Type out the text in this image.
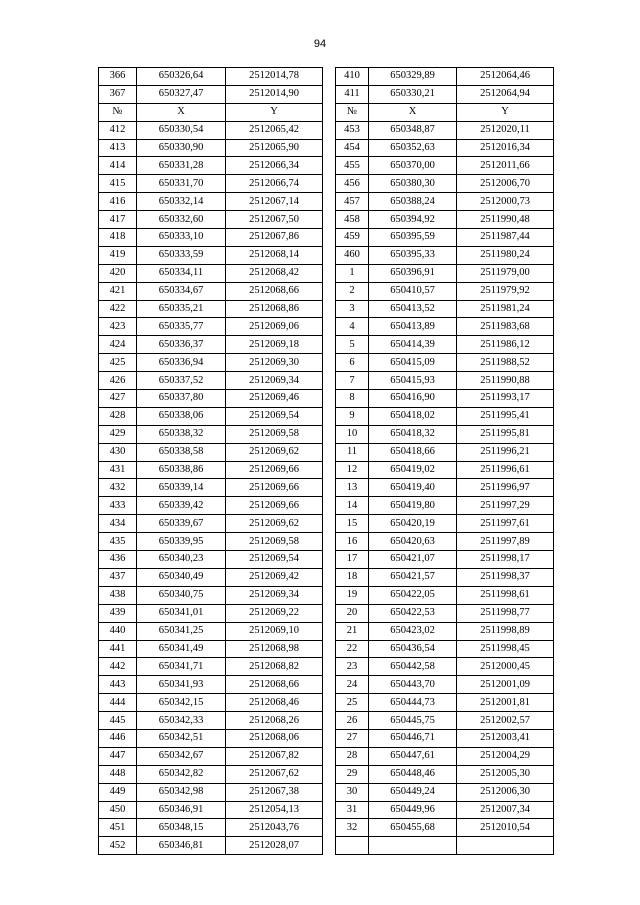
94
366	650326,64	2512014,78		410	650329,89	2512064,46
367	650327,47	2512014,90		411	650330,21	2512064,94
№	X	Y		№	X	Y
412	650330,54	2512065,42		453	650348,87	2512020,11
413	650330,90	2512065,90		454	650352,63	2512016,34
414	650331,28	2512066,34		455	650370,00	2512011,66
415	650331,70	2512066,74		456	650380,30	2512006,70
416	650332,14	2512067,14		457	650388,24	2512000,73
417	650332,60	2512067,50		458	650394,92	2511990,48
418	650333,10	2512067,86		459	650395,59	2511987,44
419	650333,59	2512068,14		460	650395,33	2511980,24
420	650334,11	2512068,42		1	650396,91	2511979,00
421	650334,67	2512068,66		2	650410,57	2511979,92
422	650335,21	2512068,86		3	650413,52	2511981,24
423	650335,77	2512069,06		4	650413,89	2511983,68
424	650336,37	2512069,18		5	650414,39	2511986,12
425	650336,94	2512069,30		6	650415,09	2511988,52
426	650337,52	2512069,34		7	650415,93	2511990,88
427	650337,80	2512069,46		8	650416,90	2511993,17
428	650338,06	2512069,54		9	650418,02	2511995,41
429	650338,32	2512069,58		10	650418,32	2511995,81
430	650338,58	2512069,62		11	650418,66	2511996,21
431	650338,86	2512069,66		12	650419,02	2511996,61
432	650339,14	2512069,66		13	650419,40	2511996,97
433	650339,42	2512069,66		14	650419,80	2511997,29
434	650339,67	2512069,62		15	650420,19	2511997,61
435	650339,95	2512069,58		16	650420,63	2511997,89
436	650340,23	2512069,54		17	650421,07	2511998,17
437	650340,49	2512069,42		18	650421,57	2511998,37
438	650340,75	2512069,34		19	650422,05	2511998,61
439	650341,01	2512069,22		20	650422,53	2511998,77
440	650341,25	2512069,10		21	650423,02	2511998,89
441	650341,49	2512068,98		22	650436,54	2511998,45
442	650341,71	2512068,82		23	650442,58	2512000,45
443	650341,93	2512068,66		24	650443,70	2512001,09
444	650342,15	2512068,46		25	650444,73	2512001,81
445	650342,33	2512068,26		26	650445,75	2512002,57
446	650342,51	2512068,06		27	650446,71	2512003,41
447	650342,67	2512067,82		28	650447,61	2512004,29
448	650342,82	2512067,62		29	650448,46	2512005,30
449	650342,98	2512067,38		30	650449,24	2512006,30
450	650346,91	2512054,13		31	650449,96	2512007,34
451	650348,15	2512043,76		32	650455,68	2512010,54
452	650346,81	2512028,07				
